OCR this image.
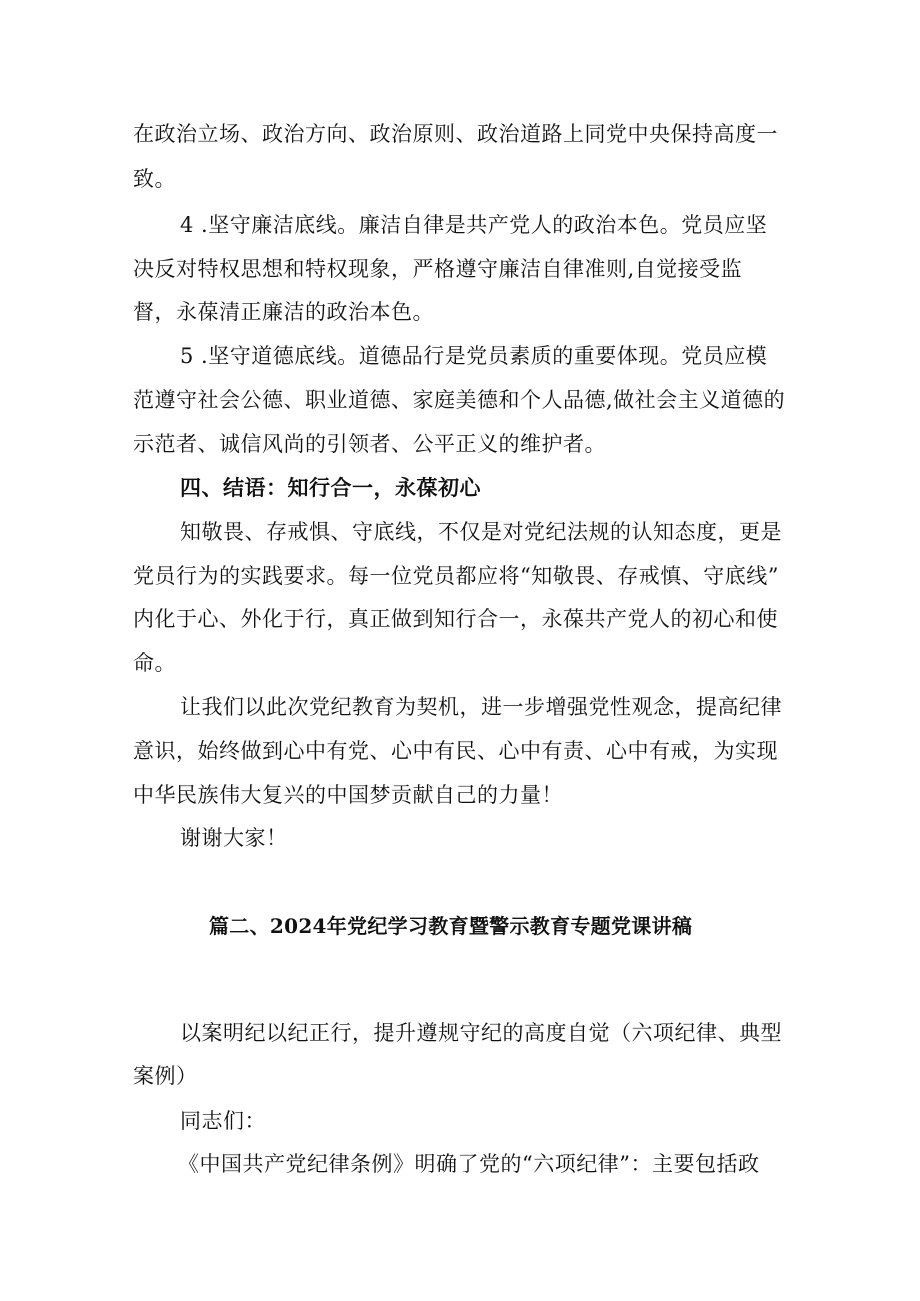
在政治立场、政治方向、政治原则、政治道路上同党中央保持高度一
致。
4 .坚守廉洁底线。廉洁自律是共产党人的政治本色。党员应坚
决反对特权思想和特权现象，严格遵守廉洁自律准则,自觉接受监
督，永葆清正廉洁的政治本色。
5 .坚守道德底线。道德品行是党员素质的重要体现。党员应模
范遵守社会公德、职业道德、家庭美德和个人品德,做社会主义道德的
示范者、诚信风尚的引领者、公平正义的维护者。
四、结语：知行合一，永葆初心
知敬畏、存戒惧、守底线，不仅是对党纪法规的认知态度，更是
党员行为的实践要求。每一位党员都应将“知敬畏、存戒慎、守底线”
内化于心、外化于行，真正做到知行合一，永葆共产党人的初心和使
命。
让我们以此次党纪教育为契机，进一步增强党性观念，提高纪律
意识，始终做到心中有党、心中有民、心中有责、心中有戒，为实现
中华民族伟大复兴的中国梦贡献自己的力量！
谢谢大家！
篇二、2024年党纪学习教育暨警示教育专题党课讲稿
以案明纪以纪正行，提升遵规守纪的高度自觉（六项纪律、典型
案例）
同志们：
《中国共产党纪律条例》明确了党的“六项纪律”：主要包括政
